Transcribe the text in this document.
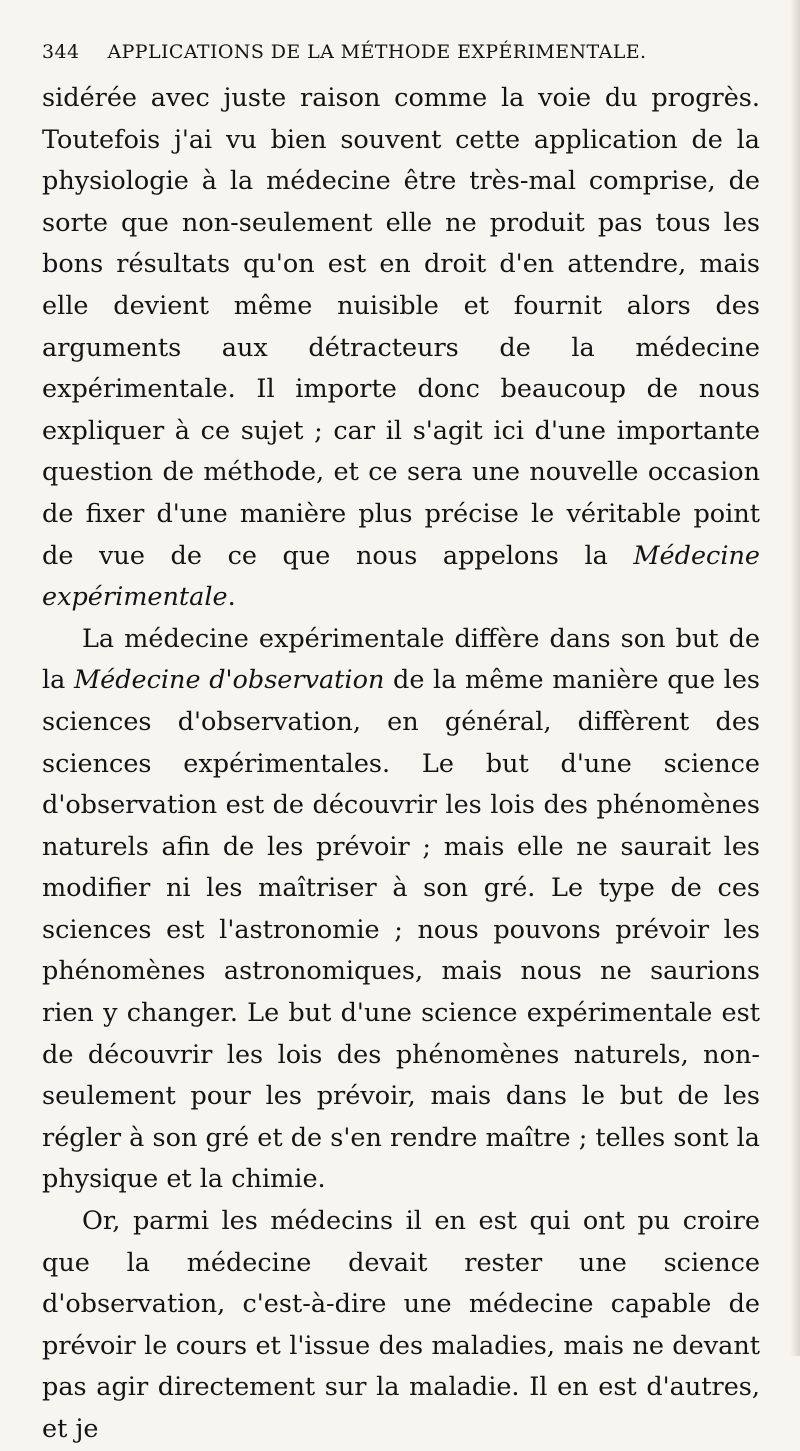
344 APPLICATIONS DE LA MÉTHODE EXPÉRIMENTALE.

sidérée avec juste raison comme la voie du progrès. Toutefois j'ai vu bien souvent cette application de la physiologie à la médecine être très-mal comprise, de sorte que non-seulement elle ne produit pas tous les bons résultats qu'on est en droit d'en attendre, mais elle devient même nuisible et fournit alors des arguments aux détracteurs de la médecine expérimentale. Il importe donc beaucoup de nous expliquer à ce sujet ; car il s'agit ici d'une importante question de méthode, et ce sera une nouvelle occasion de fixer d'une manière plus précise le véritable point de vue de ce que nous appelons la Médecine expérimentale.

La médecine expérimentale diffère dans son but de la Médecine d'observation de la même manière que les sciences d'observation, en général, diffèrent des sciences expérimentales. Le but d'une science d'observation est de découvrir les lois des phénomènes naturels afin de les prévoir ; mais elle ne saurait les modifier ni les maîtriser à son gré. Le type de ces sciences est l'astronomie ; nous pouvons prévoir les phénomènes astronomiques, mais nous ne saurions rien y changer. Le but d'une science expérimentale est de découvrir les lois des phénomènes naturels, non-seulement pour les prévoir, mais dans le but de les régler à son gré et de s'en rendre maître ; telles sont la physique et la chimie.

Or, parmi les médecins il en est qui ont pu croire que la médecine devait rester une science d'observation, c'est-à-dire une médecine capable de prévoir le cours et l'issue des maladies, mais ne devant pas agir directement sur la maladie. Il en est d'autres, et je
